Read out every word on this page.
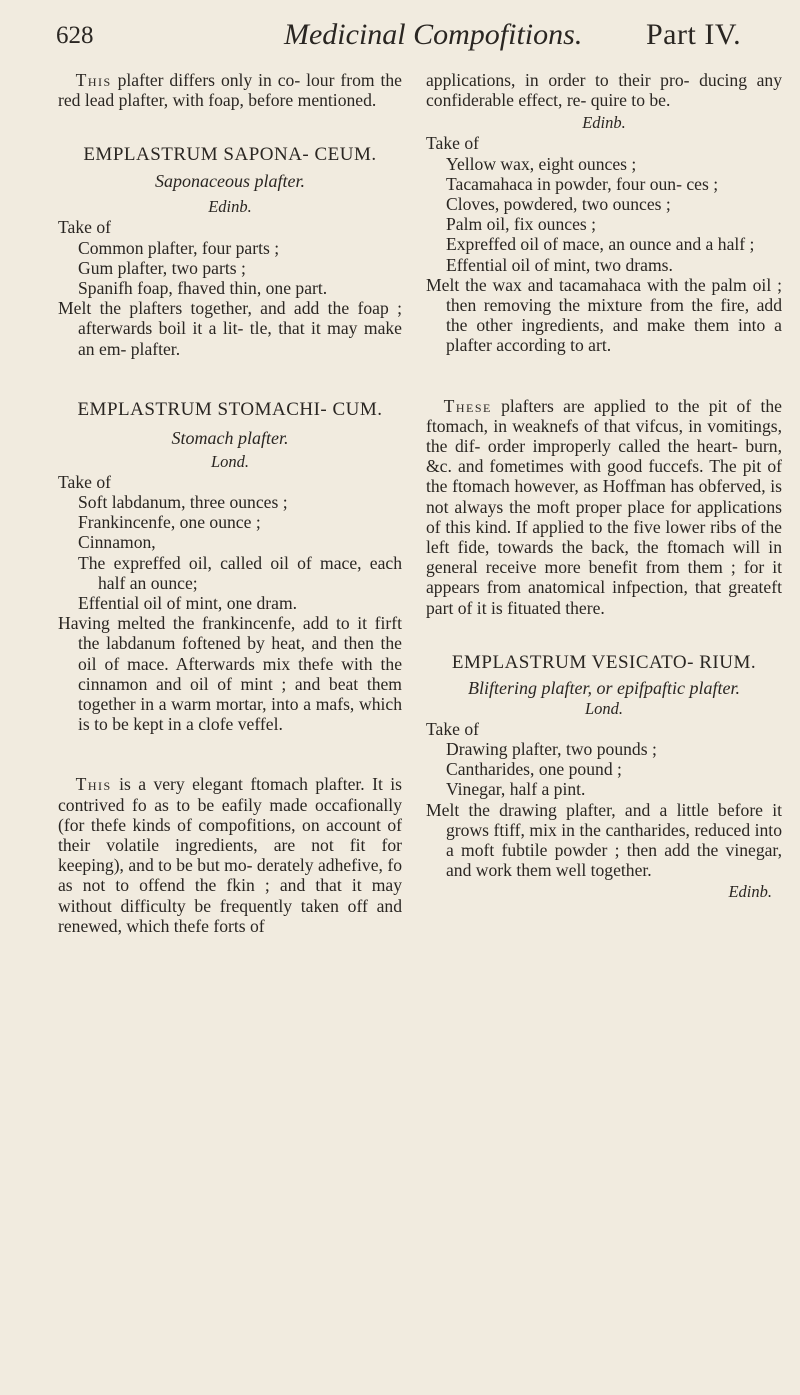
628	Medicinal Compofitions. Part IV.

This plafter differs only in co- lour from the red lead plafter, with foap, before mentioned.

EMPLASTRUM SAPONA- CEUM.

Saponaceous plafter.

Edinb.

Take of

Common plafter, four parts ;

Gum plafter, two parts ;

Spanifh foap, fhaved thin, one part.

Melt the plafters together, and add the foap ; afterwards boil it a lit- tle, that it may make an em- plafter.

EMPLASTRUM STOMACHI- CUM.

Stomach plafter.

Lond.

Take of

Soft labdanum, three ounces ;

Frankincenfe, one ounce ;

Cinnamon,

The expreffed oil, called oil of mace, each half an ounce;

Effential oil of mint, one dram.

Having melted the frankincenfe, add to it firft the labdanum foftened by heat, and then the oil of mace. Afterwards mix thefe with the cinnamon and oil of mint ; and beat them together in a warm mortar, into a mafs, which is to be kept in a clofe veffel.

This is a very elegant ftomach plafter. It is contrived fo as to be eafily made occafionally (for thefe kinds of compofitions, on account of their volatile ingredients, are not fit for keeping), and to be but mo- derately adhefive, fo as not to offend the fkin ; and that it may without difficulty be frequently taken off and renewed, which thefe forts of

applications, in order to their pro- ducing any confiderable effect, re- quire to be.

Edinb.

Take of

Yellow wax, eight ounces ;

Tacamahaca in powder, four oun- ces ;

Cloves, powdered, two ounces ;

Palm oil, fix ounces ;

Expreffed oil of mace, an ounce and a half ;

Effential oil of mint, two drams.

Melt the wax and tacamahaca with the palm oil ; then removing the mixture from the fire, add the other ingredients, and make them into a plafter according to art.

These plafters are applied to the pit of the ftomach, in weaknefs of that vifcus, in vomitings, the dif- order improperly called the heart- burn, &c. and fometimes with good fuccefs. The pit of the ftomach however, as Hoffman has obferved, is not always the moft proper place for applications of this kind. If applied to the five lower ribs of the left fide, towards the back, the ftomach will in general receive more benefit from them ; for it appears from anatomical infpection, that greateft part of it is fituated there.

EMPLASTRUM VESICATO- RIUM.

Bliftering plafter, or epifpaftic plafter.

Lond.

Take of

Drawing plafter, two pounds ;

Cantharides, one pound ;

Vinegar, half a pint.

Melt the drawing plafter, and a little before it grows ftiff, mix in the cantharides, reduced into a moft fubtile powder ; then add the vinegar, and work them well together.

Edinb.
